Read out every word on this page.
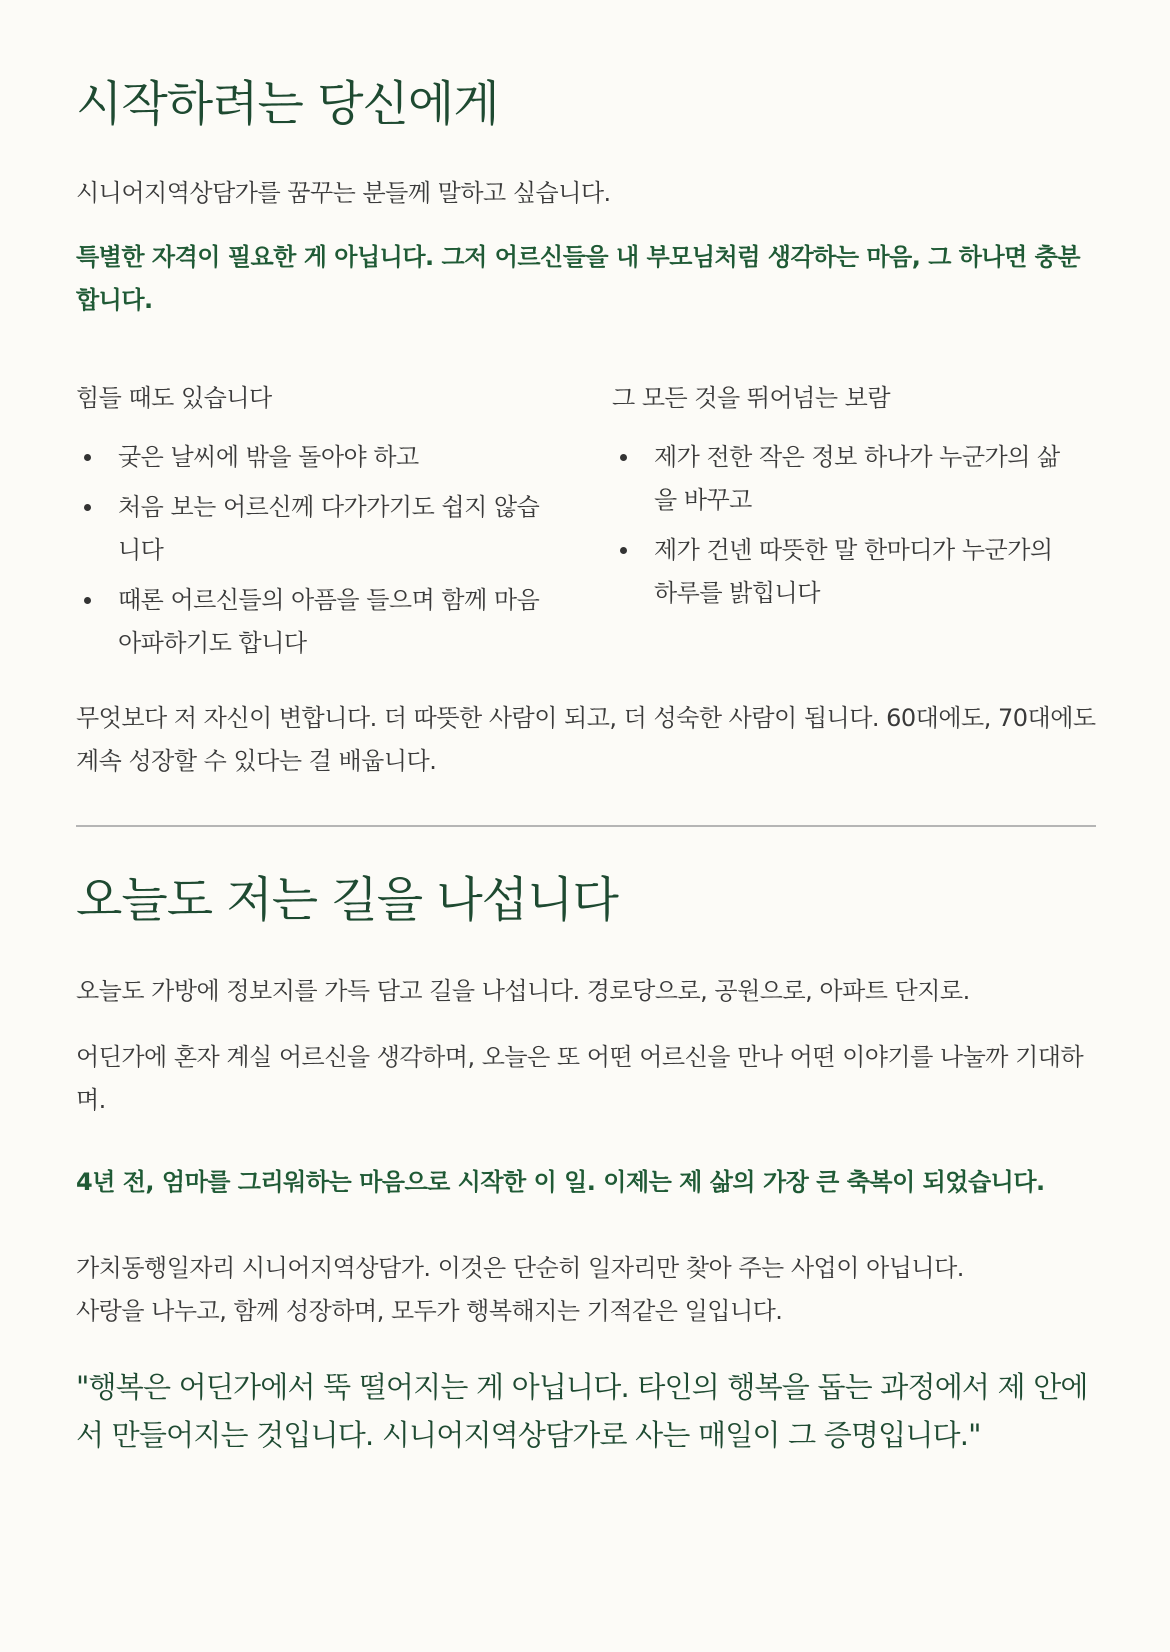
시작하려는 당신에게

시니어지역상담가를 꿈꾸는 분들께 말하고 싶습니다.

특별한 자격이 필요한 게 아닙니다. 그저 어르신들을 내 부모님처럼 생각하는 마음, 그 하나면 충분합니다.

힘들 때도 있습니다
궂은 날씨에 밖을 돌아야 하고
처음 보는 어르신께 다가가기도 쉽지 않습니다
때론 어르신들의 아픔을 들으며 함께 마음 아파하기도 합니다
그 모든 것을 뛰어넘는 보람
제가 전한 작은 정보 하나가 누군가의 삶을 바꾸고
제가 건넨 따뜻한 말 한마디가 누군가의 하루를 밝힙니다

무엇보다 저 자신이 변합니다. 더 따뜻한 사람이 되고, 더 성숙한 사람이 됩니다. 60대에도, 70대에도 계속 성장할 수 있다는 걸 배웁니다.

오늘도 저는 길을 나섭니다

오늘도 가방에 정보지를 가득 담고 길을 나섭니다. 경로당으로, 공원으로, 아파트 단지로.

어딘가에 혼자 계실 어르신을 생각하며, 오늘은 또 어떤 어르신을 만나 어떤 이야기를 나눌까 기대하며.

4년 전, 엄마를 그리워하는 마음으로 시작한 이 일. 이제는 제 삶의 가장 큰 축복이 되었습니다.

가치동행일자리 시니어지역상담가. 이것은 단순히 일자리만 찾아 주는 사업이 아닙니다.

사랑을 나누고, 함께 성장하며, 모두가 행복해지는 기적같은 일입니다.

"행복은 어딘가에서 뚝 떨어지는 게 아닙니다. 타인의 행복을 돕는 과정에서 제 안에서 만들어지는 것입니다. 시니어지역상담가로 사는 매일이 그 증명입니다."
